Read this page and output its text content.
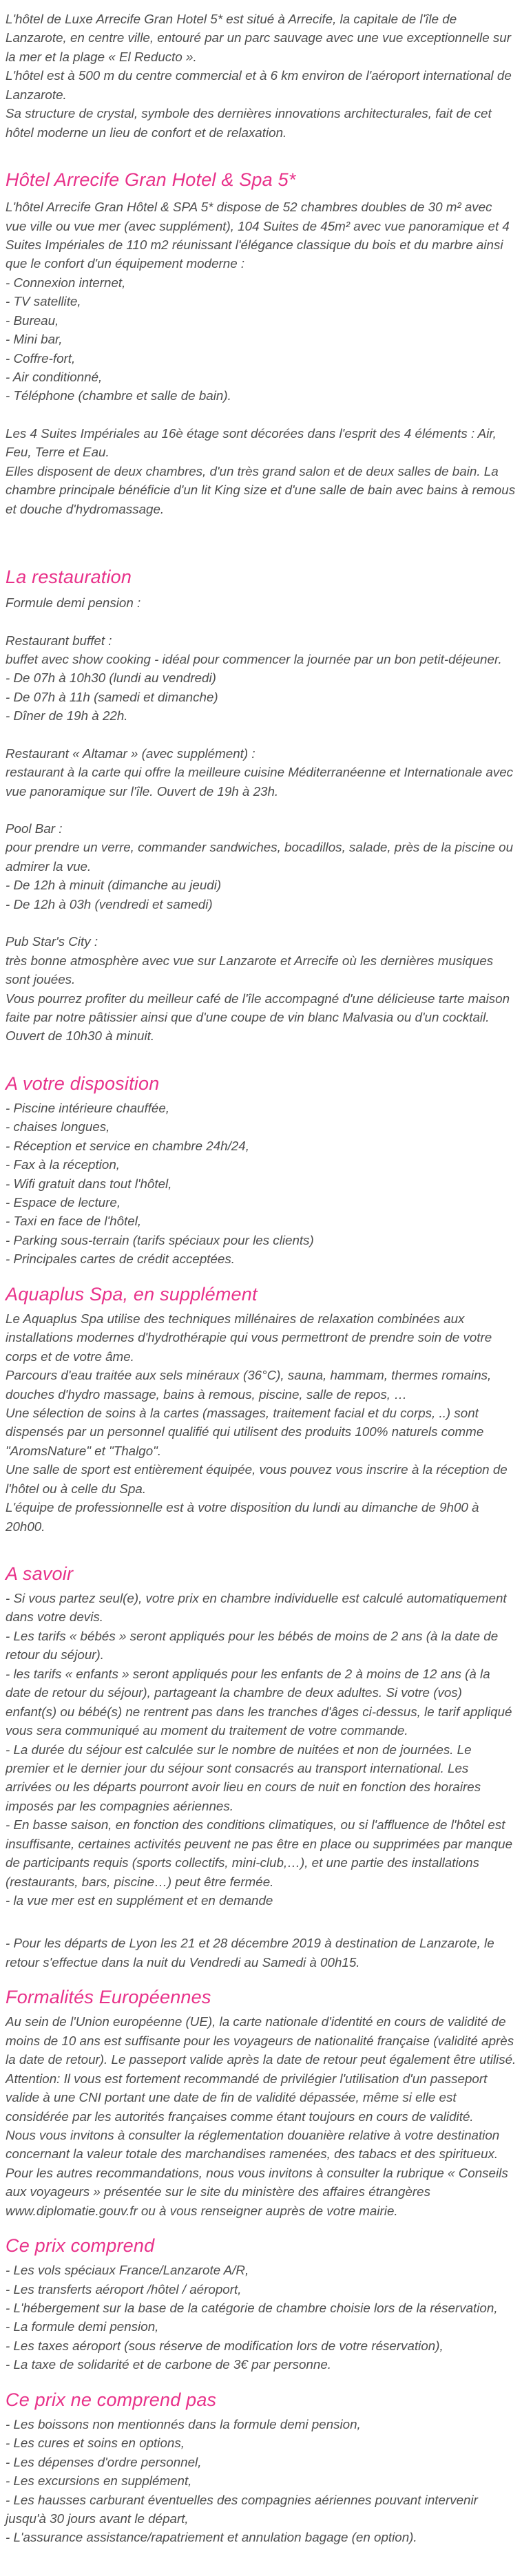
L'hôtel de Luxe Arrecife Gran Hotel 5* est situé à Arrecife, la capitale de l'île de Lanzarote, en centre ville, entouré par un parc sauvage avec une vue exceptionnelle sur la mer et la plage « El Reducto ».

L'hôtel est à 500 m du centre commercial et à 6 km environ de l'aéroport international de Lanzarote.

Sa structure de crystal, symbole des dernières innovations architecturales, fait de cet hôtel moderne un lieu de confort et de relaxation.

Hôtel Arrecife Gran Hotel & Spa 5*

L'hôtel Arrecife Gran Hôtel & SPA 5* dispose de 52 chambres doubles de 30 m² avec vue ville ou vue mer (avec supplément), 104 Suites de 45m² avec vue panoramique et 4 Suites Impériales de 110 m2 réunissant l'élégance classique du bois et du marbre ainsi que le confort d'un équipement moderne :

- Connexion internet,

- TV satellite,

- Bureau,

- Mini bar,

- Coffre-fort,

- Air conditionné,

- Téléphone (chambre et salle de bain).

Les 4 Suites Impériales au 16è étage sont décorées dans l'esprit des 4 éléments : Air, Feu, Terre et Eau.

Elles disposent de deux chambres, d'un très grand salon et de deux salles de bain. La chambre principale bénéficie d'un lit King size et d'une salle de bain avec bains à remous et douche d'hydromassage.

La restauration

Formule demi pension :

Restaurant buffet :

buffet avec show cooking - idéal pour commencer la journée par un bon petit-déjeuner.

- De 07h à 10h30 (lundi au vendredi)

- De 07h à 11h (samedi et dimanche)

- Dîner de 19h à 22h.

Restaurant « Altamar » (avec supplément) :

restaurant à la carte qui offre la meilleure cuisine Méditerranéenne et Internationale avec vue panoramique sur l'île. Ouvert de 19h à 23h.

Pool Bar :

pour prendre un verre, commander sandwiches, bocadillos, salade, près de la piscine ou admirer la vue.

- De 12h à minuit (dimanche au jeudi)

- De 12h à 03h (vendredi et samedi)

Pub Star's City :

très bonne atmosphère avec vue sur Lanzarote et Arrecife où les dernières musiques sont jouées.

Vous pourrez profiter du meilleur café de l'île accompagné d'une délicieuse tarte maison faite par notre pâtissier ainsi que d'une coupe de vin blanc Malvasia ou d'un cocktail. Ouvert de 10h30 à minuit.

A votre disposition

- Piscine intérieure chauffée,

- chaises longues,

- Réception et service en chambre 24h/24,

- Fax à la réception,

- Wifi gratuit dans tout l'hôtel,

- Espace de lecture,

- Taxi en face de l'hôtel,

- Parking sous-terrain (tarifs spéciaux pour les clients)

- Principales cartes de crédit acceptées.

Aquaplus Spa, en supplément

Le Aquaplus Spa utilise des techniques millénaires de relaxation combinées aux installations modernes d'hydrothérapie qui vous permettront de prendre soin de votre corps et de votre âme.

Parcours d'eau traitée aux sels minéraux (36°C), sauna, hammam, thermes romains, douches d'hydro massage, bains à remous, piscine, salle de repos, …

Une sélection de soins à la cartes (massages, traitement facial et du corps, ..) sont dispensés par un personnel qualifié qui utilisent des produits 100% naturels comme "AromsNature" et "Thalgo".

Une salle de sport est entièrement équipée, vous pouvez vous inscrire à la réception de l'hôtel ou à celle du Spa.

L'équipe de professionnelle est à votre disposition du lundi au dimanche de 9h00 à 20h00.

A savoir

- Si vous partez seul(e), votre prix en chambre individuelle est calculé automatiquement dans votre devis.

- Les tarifs « bébés » seront appliqués pour les bébés de moins de 2 ans (à la date de retour du séjour).

- les tarifs « enfants » seront appliqués pour les enfants de 2 à moins de 12 ans (à la date de retour du séjour), partageant la chambre de deux adultes. Si votre (vos) enfant(s) ou bébé(s) ne rentrent pas dans les tranches d'âges ci-dessus, le tarif appliqué vous sera communiqué au moment du traitement de votre commande.

- La durée du séjour est calculée sur le nombre de nuitées et non de journées. Le premier et le dernier jour du séjour sont consacrés au transport international. Les arrivées ou les départs pourront avoir lieu en cours de nuit en fonction des horaires imposés par les compagnies aériennes.

- En basse saison, en fonction des conditions climatiques, ou si l'affluence de l'hôtel est insuffisante, certaines activités peuvent ne pas être en place ou supprimées par manque de participants requis (sports collectifs, mini-club,…), et une partie des installations (restaurants, bars, piscine…) peut être fermée.

- la vue mer est en supplément et en demande

- Pour les départs de Lyon les 21 et 28 décembre 2019 à destination de Lanzarote, le retour s'effectue dans la nuit du Vendredi au Samedi à 00h15.

Formalités Européennes

Au sein de l'Union européenne (UE), la carte nationale d'identité en cours de validité de moins de 10 ans est suffisante pour les voyageurs de nationalité française (validité après la date de retour). Le passeport valide après la date de retour peut également être utilisé.

Attention: Il vous est fortement recommandé de privilégier l'utilisation d'un passeport valide à une CNI portant une date de fin de validité dépassée, même si elle est considérée par les autorités françaises comme étant toujours en cours de validité.

Nous vous invitons à consulter la réglementation douanière relative à votre destination concernant la valeur totale des marchandises ramenées, des tabacs et des spiritueux.

Pour les autres recommandations, nous vous invitons à consulter la rubrique « Conseils aux voyageurs » présentée sur le site du ministère des affaires étrangères www.diplomatie.gouv.fr ou à vous renseigner auprès de votre mairie.

Ce prix comprend

- Les vols spéciaux France/Lanzarote A/R,

- Les transferts aéroport /hôtel / aéroport,

- L'hébergement sur la base de la catégorie de chambre choisie lors de la réservation,

- La formule demi pension,

- Les taxes aéroport (sous réserve de modification lors de votre réservation),

- La taxe de solidarité et de carbone de 3€ par personne.

Ce prix ne comprend pas

- Les boissons non mentionnés dans la formule demi pension,

- Les cures et soins en options,

- Les dépenses d'ordre personnel,

- Les excursions en supplément,

- Les hausses carburant éventuelles des compagnies aériennes pouvant intervenir jusqu'à 30 jours avant le départ,

- L'assurance assistance/rapatriement et annulation bagage (en option).
